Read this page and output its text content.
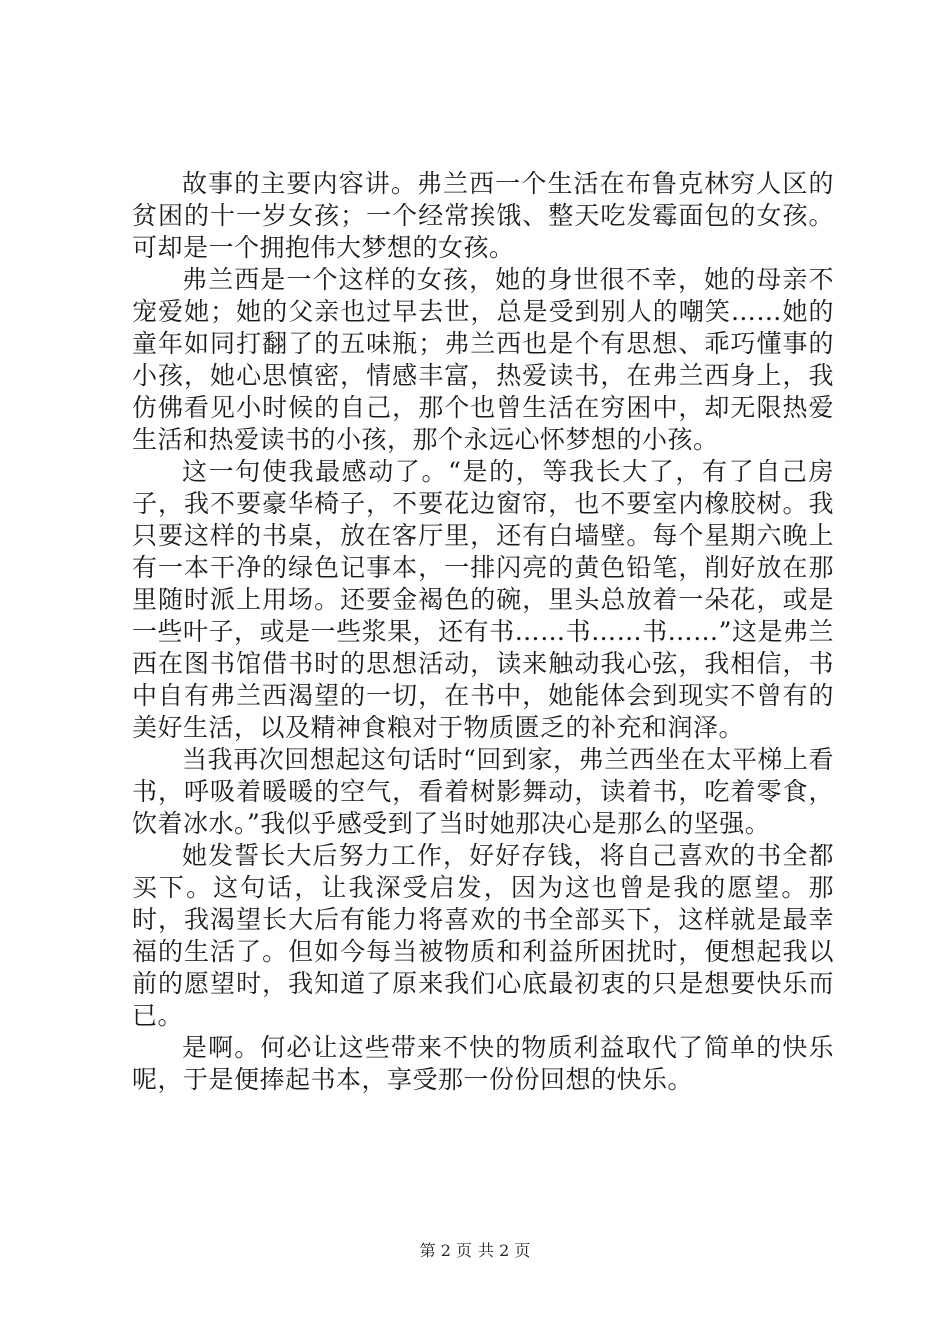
故事的主要内容讲。弗兰西一个生活在布鲁克林穷人区的贫困的十一岁女孩；一个经常挨饿、整天吃发霉面包的女孩。可却是一个拥抱伟大梦想的女孩。

弗兰西是一个这样的女孩，她的身世很不幸，她的母亲不宠爱她；她的父亲也过早去世，总是受到别人的嘲笑……她的童年如同打翻了的五味瓶；弗兰西也是个有思想、乖巧懂事的小孩，她心思慎密，情感丰富，热爱读书，在弗兰西身上，我仿佛看见小时候的自己，那个也曾生活在穷困中，却无限热爱生活和热爱读书的小孩，那个永远心怀梦想的小孩。

这一句使我最感动了。“是的，等我长大了，有了自己房子，我不要豪华椅子，不要花边窗帘，也不要室内橡胶树。我只要这样的书桌，放在客厅里，还有白墙壁。每个星期六晚上有一本干净的绿色记事本，一排闪亮的黄色铅笔，削好放在那里随时派上用场。还要金褐色的碗，里头总放着一朵花，或是一些叶子，或是一些浆果，还有书……书……书……”这是弗兰西在图书馆借书时的思想活动，读来触动我心弦，我相信，书中自有弗兰西渴望的一切，在书中，她能体会到现实不曾有的美好生活，以及精神食粮对于物质匮乏的补充和润泽。

当我再次回想起这句话时“回到家，弗兰西坐在太平梯上看书，呼吸着暖暖的空气，看着树影舞动，读着书，吃着零食，饮着冰水。”我似乎感受到了当时她那决心是那么的坚强。

她发誓长大后努力工作，好好存钱，将自己喜欢的书全都买下。这句话，让我深受启发，因为这也曾是我的愿望。那时，我渴望长大后有能力将喜欢的书全部买下，这样就是最幸福的生活了。但如今每当被物质和利益所困扰时，便想起我以前的愿望时，我知道了原来我们心底最初衷的只是想要快乐而已。

是啊。何必让这些带来不快的物质利益取代了简单的快乐呢，于是便捧起书本，享受那一份份回想的快乐。

第 2 页 共 2 页
